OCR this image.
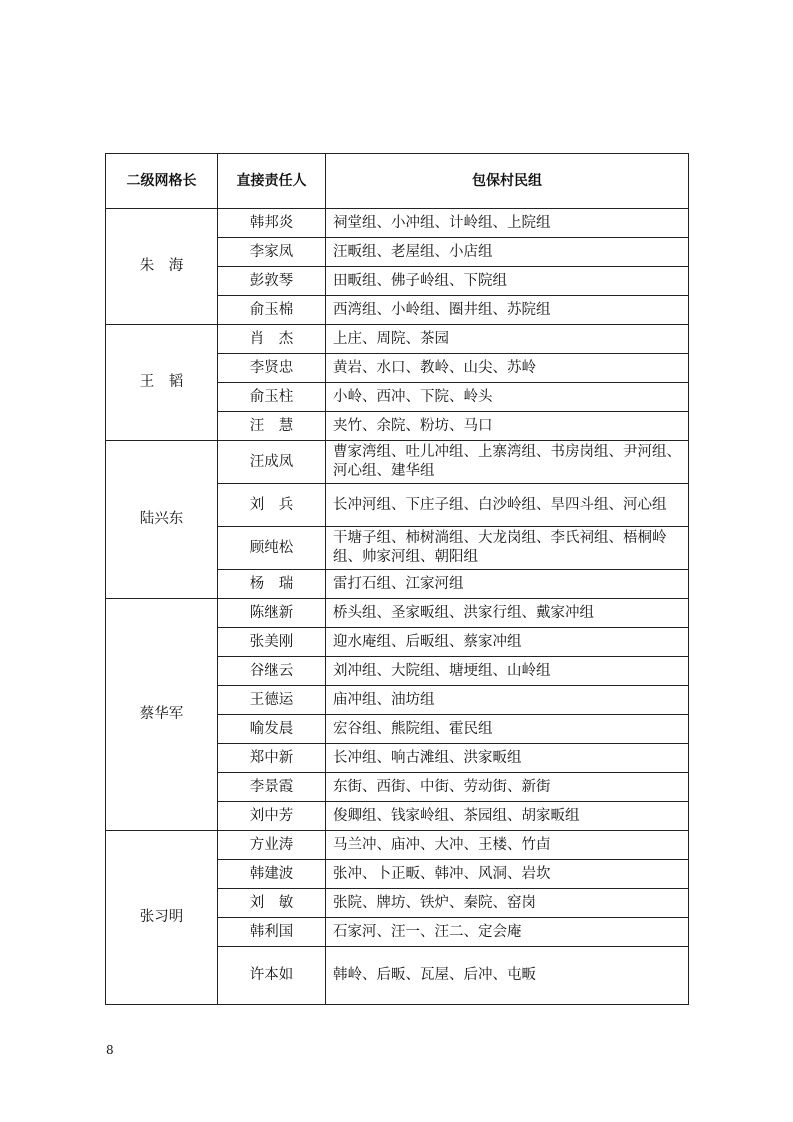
二级网格长	直接责任人	包保村民组
朱　海	韩邦炎	祠堂组、小冲组、计岭组、上院组
	李家凤	汪畈组、老屋组、小店组
	彭敦琴	田畈组、佛子岭组、下院组
	俞玉棉	西湾组、小岭组、圈井组、苏院组
王　韬	肖　杰	上庄、周院、茶园
	李贤忠	黄岩、水口、教岭、山尖、苏岭
	俞玉柱	小岭、西冲、下院、岭头
	汪　慧	夹竹、余院、粉坊、马口
陆兴东	汪成凤	曹家湾组、吐儿冲组、上寨湾组、书房岗组、尹河组、河心组、建华组
	刘　兵	长冲河组、下庄子组、白沙岭组、旱四斗组、河心组
	顾纯松	干塘子组、柿树淌组、大龙岗组、李氏祠组、梧桐岭组、帅家河组、朝阳组
	杨　瑞	雷打石组、江家河组
蔡华军	陈继新	桥头组、圣家畈组、洪家行组、戴家冲组
	张美刚	迎水庵组、后畈组、蔡家冲组
	谷继云	刘冲组、大院组、塘埂组、山岭组
	王德运	庙冲组、油坊组
	喻发晨	宏谷组、熊院组、霍民组
	郑中新	长冲组、响古滩组、洪家畈组
	李景霞	东街、西街、中街、劳动街、新街
	刘中芳	俊卿组、钱家岭组、茶园组、胡家畈组
张习明	方业涛	马兰冲、庙冲、大冲、王楼、竹卣
	韩建波	张冲、卜正畈、韩冲、风洞、岩坎
	刘　敏	张院、牌坊、铁炉、秦院、窑岗
	韩利国	石家河、汪一、汪二、定会庵
	许本如	韩岭、后畈、瓦屋、后冲、屯畈
8
